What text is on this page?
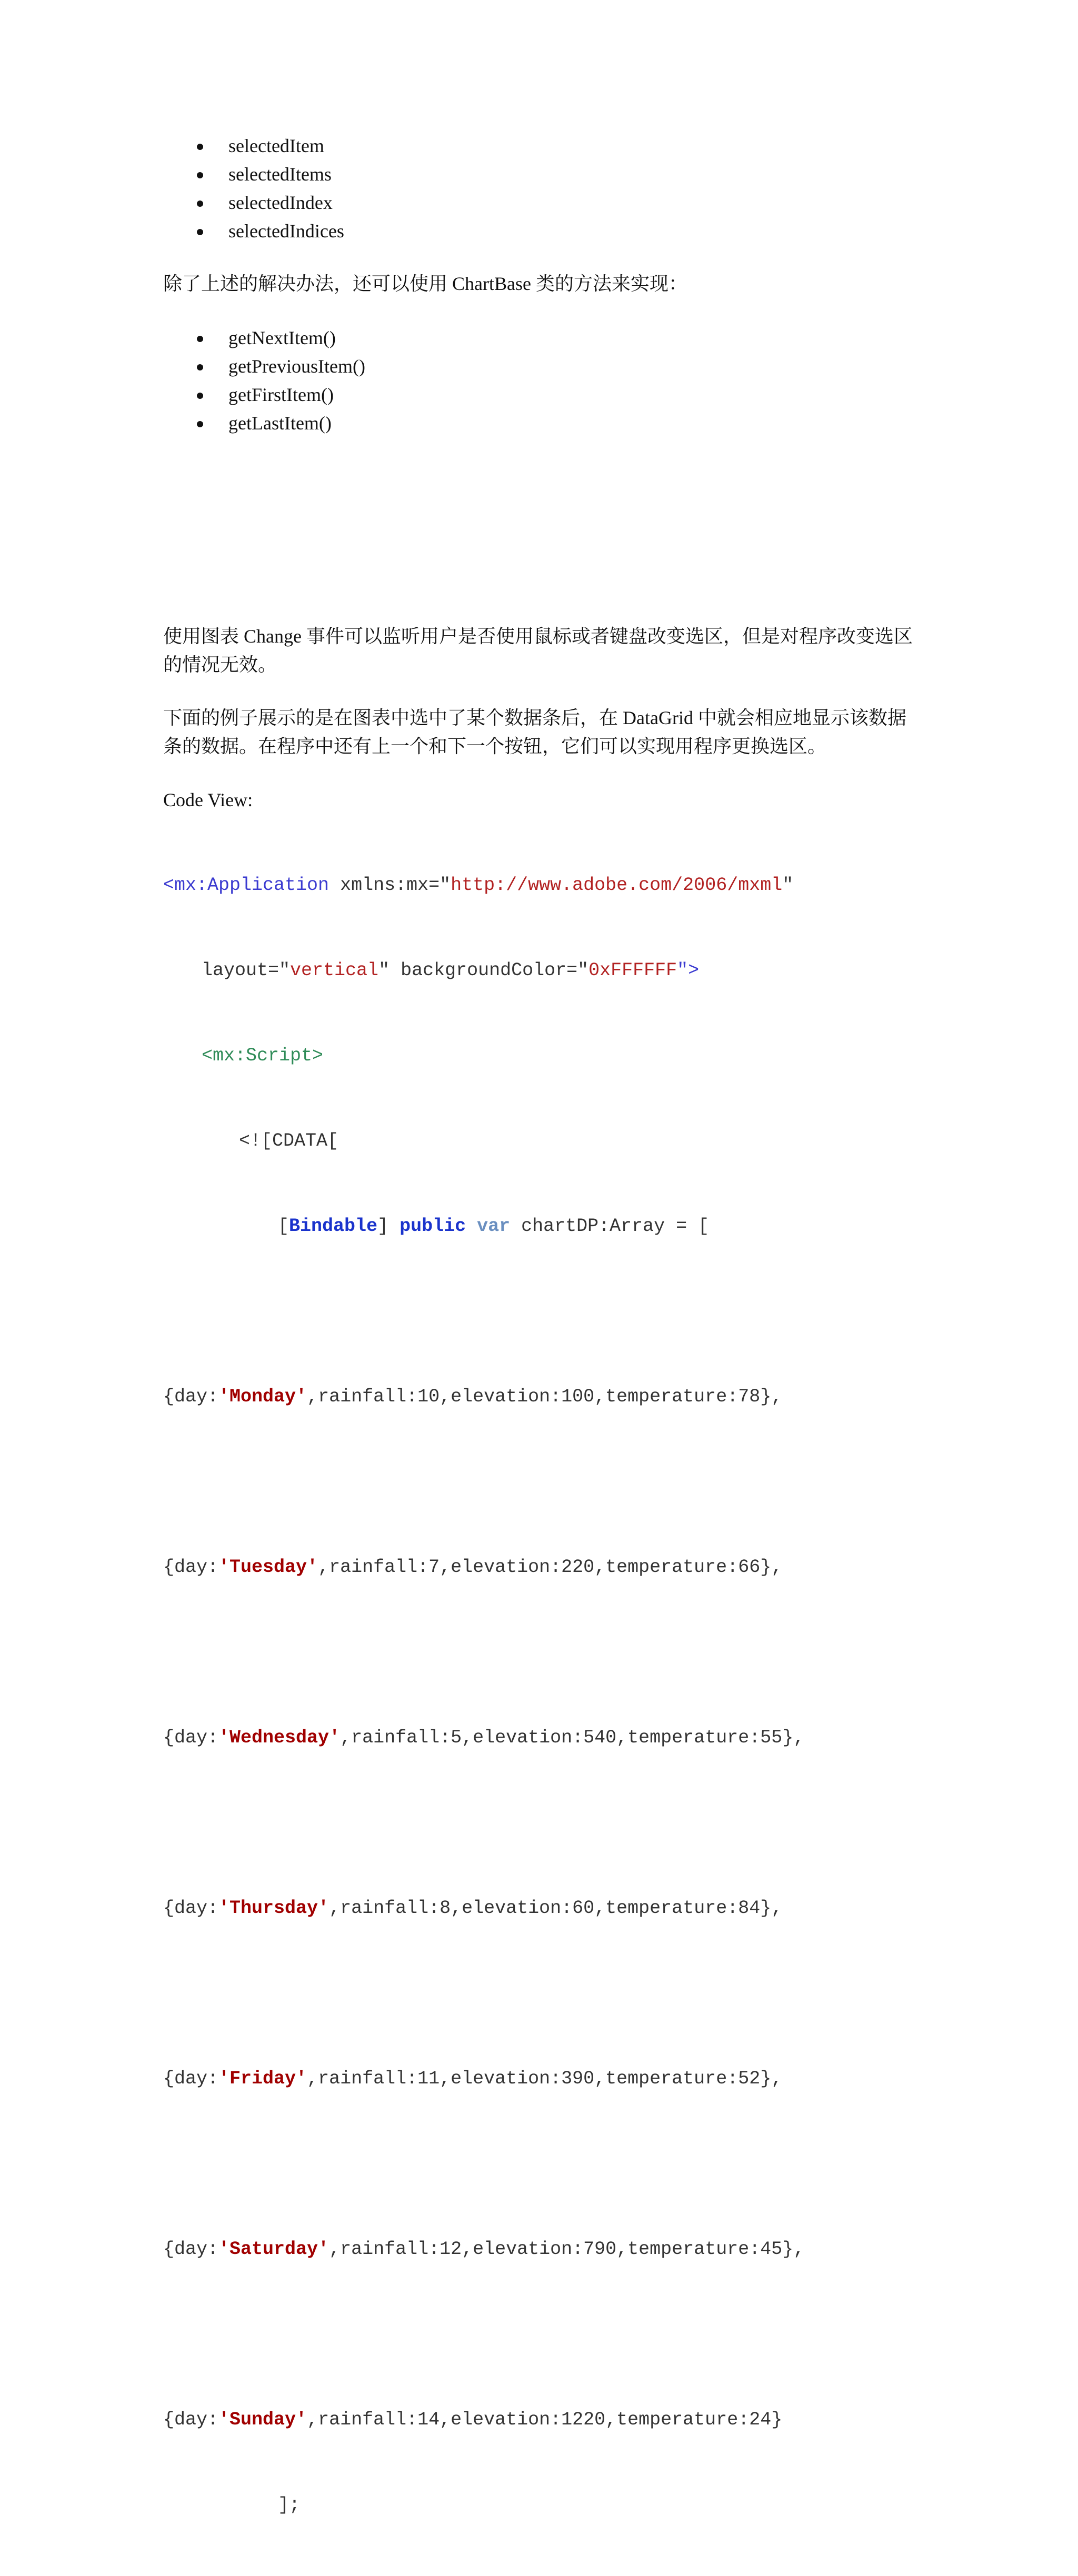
selectedItem
selectedItems
selectedIndex
selectedIndices

除了上述的解决办法，还可以使用 ChartBase 类的方法来实现：

getNextItem()
getPreviousItem()
getFirstItem()
getLastItem()
使用图表 Change 事件可以监听用户是否使用鼠标或者键盘改变选区，但是对程序改变选区
的情况无效。
下面的例子展示的是在图表中选中了某个数据条后，在 DataGrid 中就会相应地显示该数据
条的数据。在程序中还有上一个和下一个按钮，它们可以实现用程序更换选区。

Code View:

<mx:Application xmlns:mx="http://www.adobe.com/2006/mxml"

layout="vertical" backgroundColor="0xFFFFFF">

<mx:Script>

<![CDATA[

[Bindable] public var chartDP:Array = [

{day:'Monday',rainfall:10,elevation:100,temperature:78},

{day:'Tuesday',rainfall:7,elevation:220,temperature:66},

{day:'Wednesday',rainfall:5,elevation:540,temperature:55},

{day:'Thursday',rainfall:8,elevation:60,temperature:84},

{day:'Friday',rainfall:11,elevation:390,temperature:52},

{day:'Saturday',rainfall:12,elevation:790,temperature:45},

{day:'Sunday',rainfall:14,elevation:1220,temperature:24}

];
